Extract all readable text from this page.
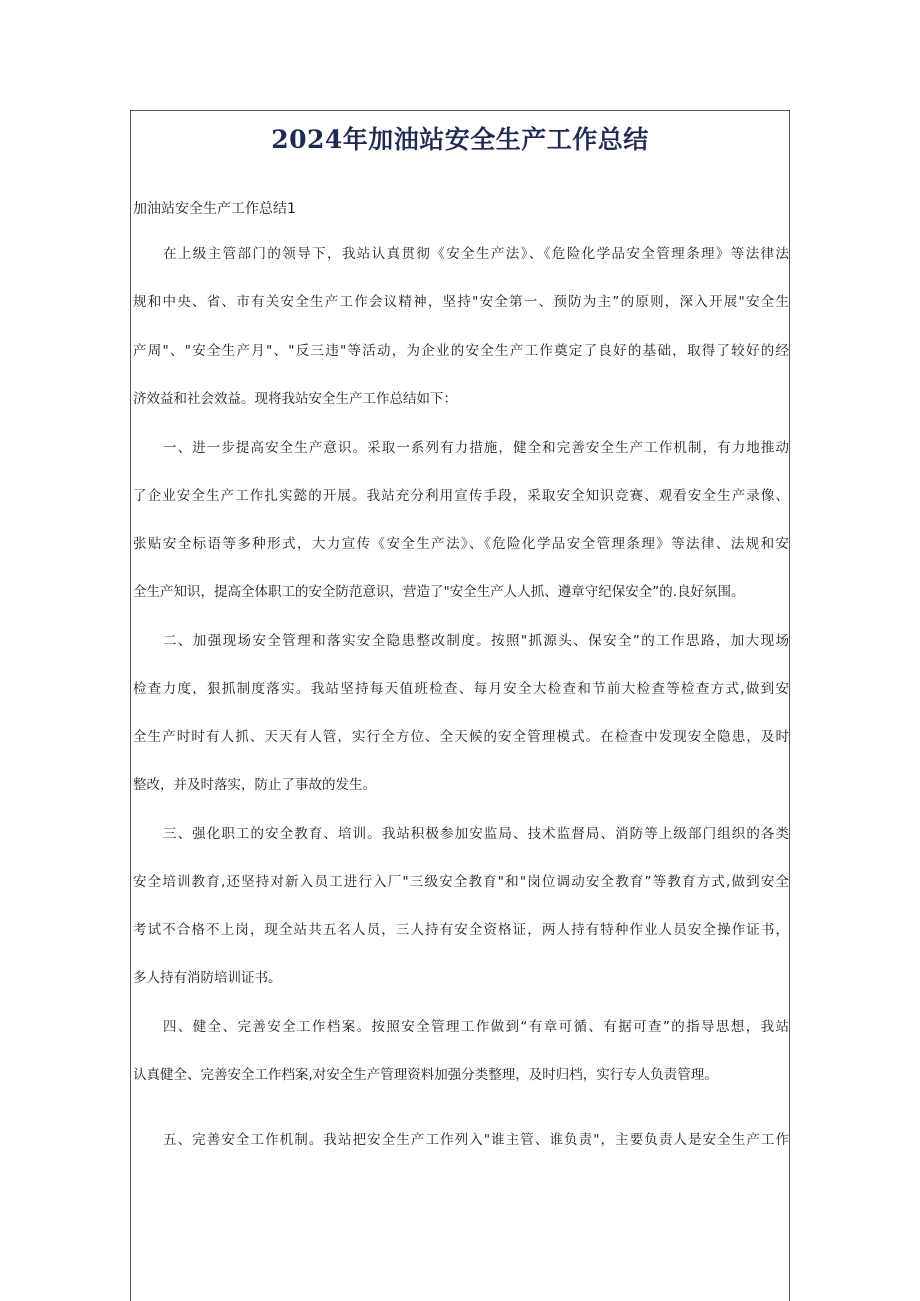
2024年加油站安全生产工作总结

加油站安全生产工作总结1

在上级主管部门的领导下，我站认真贯彻《安全生产法》、《危险化学品安全管理条理》等法律法

规和中央、省、市有关安全生产工作会议精神，坚持"安全第一、预防为主”的原则，深入开展"安全生

产周"、"安全生产月"、"反三违"等活动，为企业的安全生产工作奠定了良好的基础，取得了较好的经

济效益和社会效益。现将我站安全生产工作总结如下：

一、进一步提高安全生产意识。采取一系列有力措施，健全和完善安全生产工作机制，有力地推动

了企业安全生产工作扎实懿的开展。我站充分利用宣传手段，采取安全知识竞赛、观看安全生产录像、

张贴安全标语等多种形式，大力宣传《安全生产法》、《危险化学品安全管理条理》等法律、法规和安

全生产知识，提高全体职工的安全防范意识，营造了"安全生产人人抓、遵章守纪保安全”的.良好氛围。

二、加强现场安全管理和落实安全隐患整改制度。按照"抓源头、保安全”的工作思路，加大现场

检查力度，狠抓制度落实。我站坚持每天值班检查、每月安全大检查和节前大检查等检查方式,做到安

全生产时时有人抓、天天有人管，实行全方位、全天候的安全管理模式。在检查中发现安全隐患，及时

整改，并及时落实，防止了事故的发生。

三、强化职工的安全教育、培训。我站积极参加安监局、技术监督局、消防等上级部门组织的各类

安全培训教育,还坚持对新入员工进行入厂"三级安全教育"和"岗位调动安全教育”等教育方式,做到安全

考试不合格不上岗，现全站共五名人员，三人持有安全资格证，两人持有特种作业人员安全操作证书，

多人持有消防培训证书。

四、健全、完善安全工作档案。按照安全管理工作做到“有章可循、有据可查”的指导思想，我站

认真健全、完善安全工作档案,对安全生产管理资料加强分类整理，及时归档，实行专人负责管理。

五、完善安全工作机制。我站把安全生产工作列入"谁主管、谁负责"，主要负责人是安全生产工作
